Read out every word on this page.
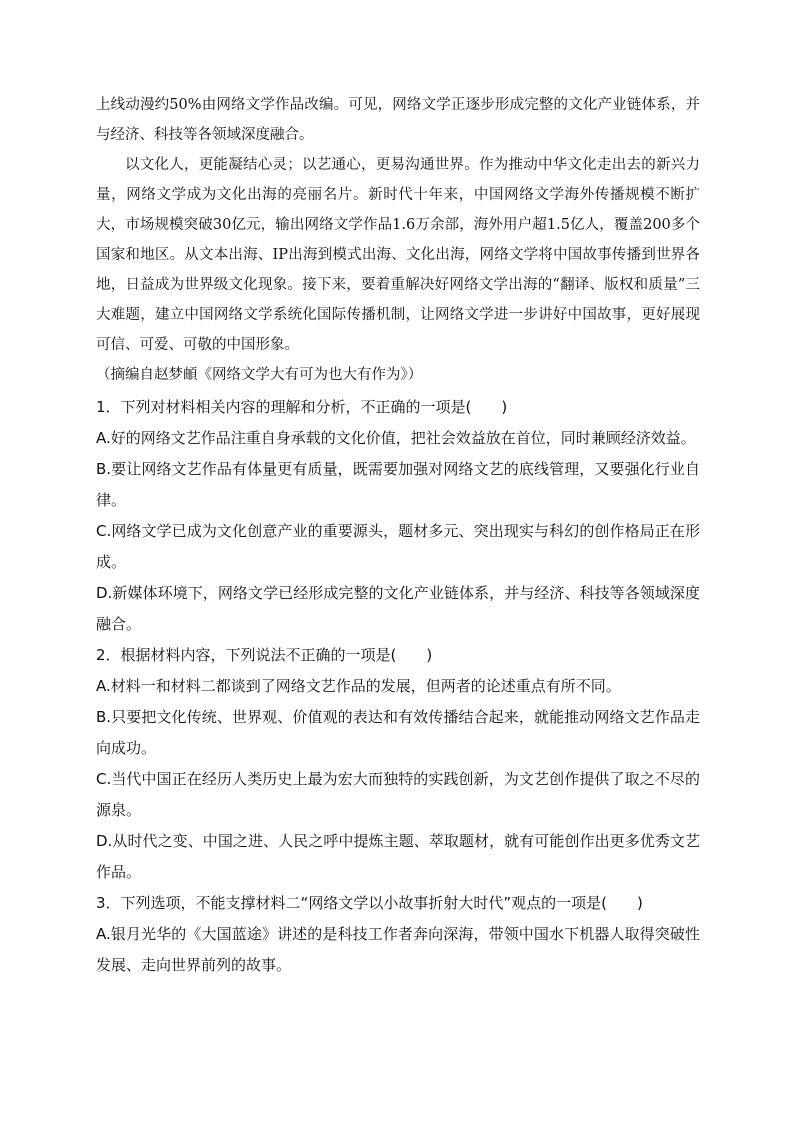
上线动漫约50%由网络文学作品改编。可见，网络文学正逐步形成完整的文化产业链体系，并与经济、科技等各领域深度融合。

以文化人，更能凝结心灵；以艺通心，更易沟通世界。作为推动中华文化走出去的新兴力量，网络文学成为文化出海的亮丽名片。新时代十年来，中国网络文学海外传播规模不断扩大，市场规模突破30亿元，输出网络文学作品1.6万余部，海外用户超1.5亿人，覆盖200多个国家和地区。从文本出海、IP出海到模式出海、文化出海，网络文学将中国故事传播到世界各地，日益成为世界级文化现象。接下来，要着重解决好网络文学出海的“翻译、版权和质量”三大难题，建立中国网络文学系统化国际传播机制，让网络文学进一步讲好中国故事，更好展现可信、可爱、可敬的中国形象。

（摘编自赵梦頔《网络文学大有可为也大有作为》）

1．下列对材料相关内容的理解和分析，不正确的一项是(　　)

A.好的网络文艺作品注重自身承载的文化价值，把社会效益放在首位，同时兼顾经济效益。

B.要让网络文艺作品有体量更有质量，既需要加强对网络文艺的底线管理，又要强化行业自律。

C.网络文学已成为文化创意产业的重要源头，题材多元、突出现实与科幻的创作格局正在形成。

D.新媒体环境下，网络文学已经形成完整的文化产业链体系，并与经济、科技等各领域深度融合。

2．根据材料内容，下列说法不正确的一项是(　　)

A.材料一和材料二都谈到了网络文艺作品的发展，但两者的论述重点有所不同。

B.只要把文化传统、世界观、价值观的表达和有效传播结合起来，就能推动网络文艺作品走向成功。

C.当代中国正在经历人类历史上最为宏大而独特的实践创新，为文艺创作提供了取之不尽的源泉。

D.从时代之变、中国之进、人民之呼中提炼主题、萃取题材，就有可能创作出更多优秀文艺作品。

3．下列选项，不能支撑材料二“网络文学以小故事折射大时代”观点的一项是(　　)

A.银月光华的《大国蓝途》讲述的是科技工作者奔向深海，带领中国水下机器人取得突破性发展、走向世界前列的故事。
